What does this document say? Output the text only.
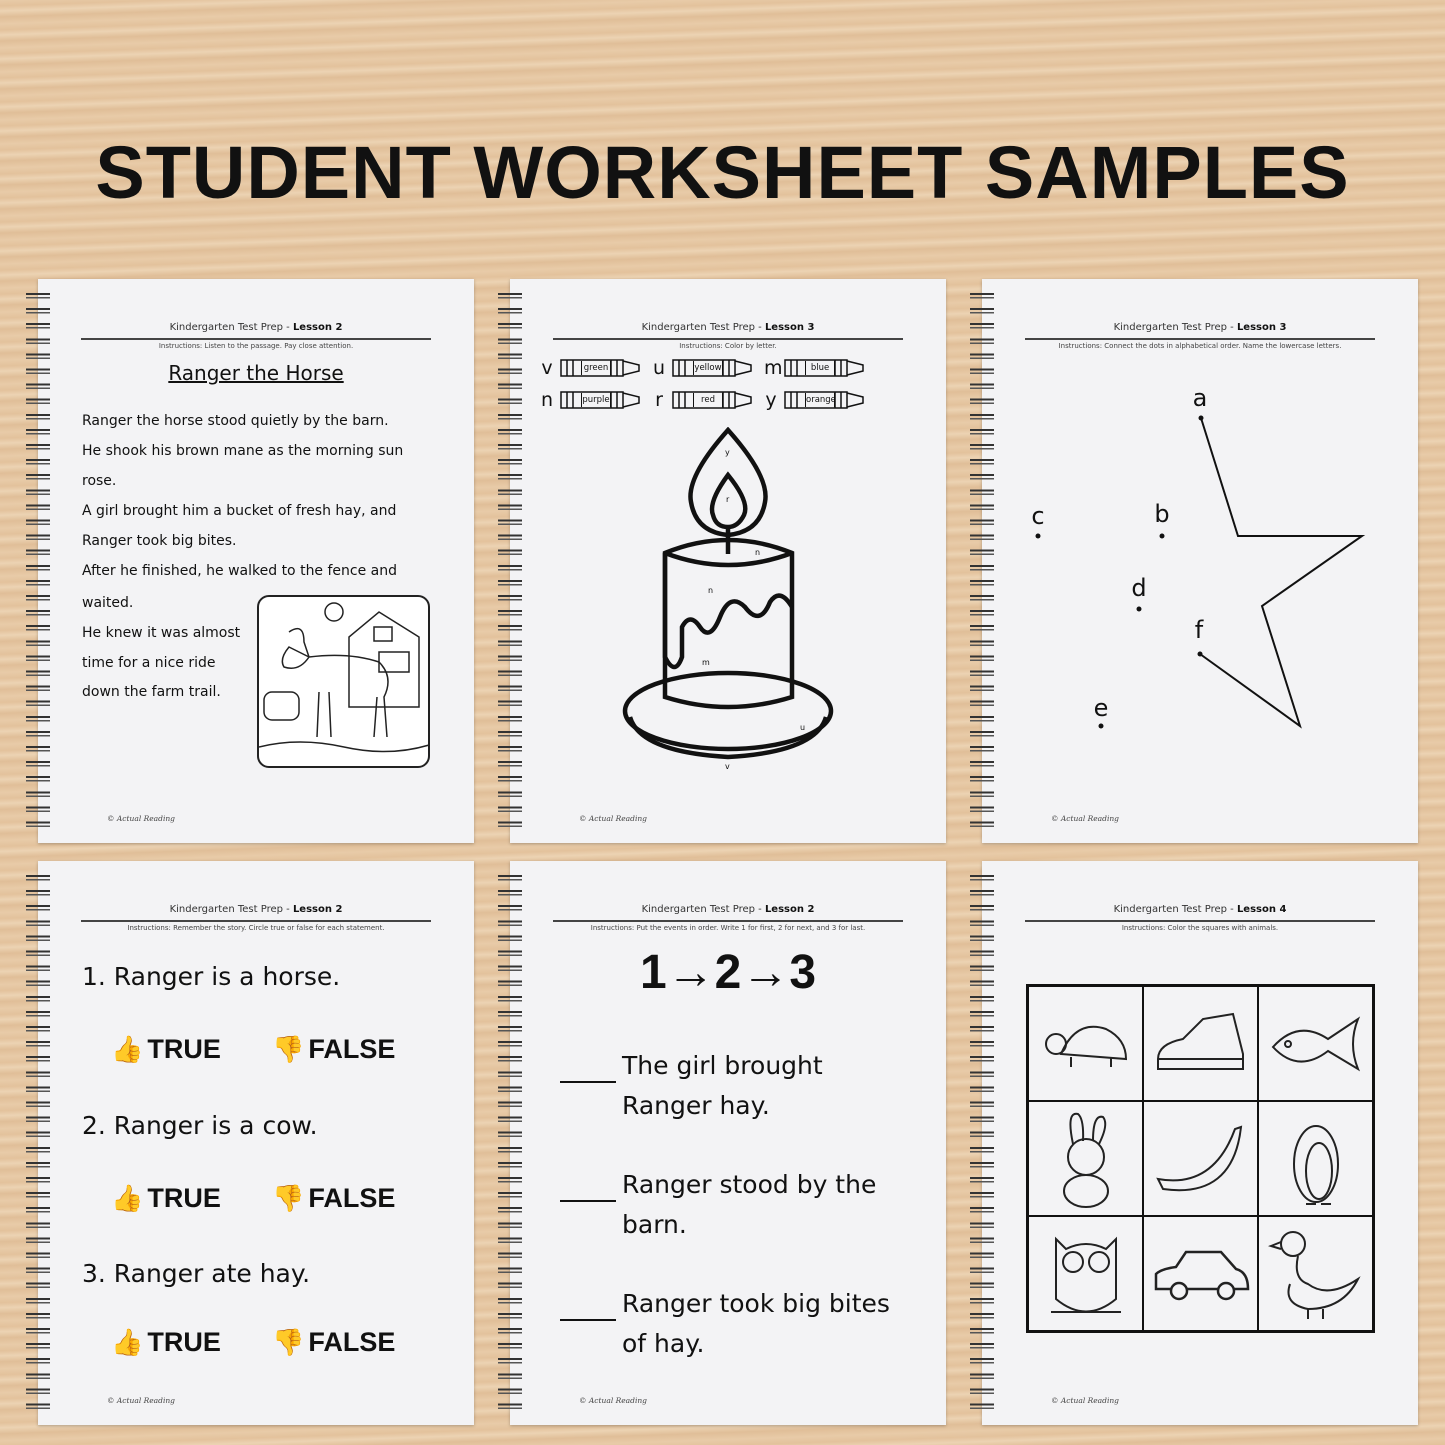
STUDENT WORKSHEET SAMPLES
Kindergarten Test Prep - Lesson 2
Instructions: Listen to the passage. Pay close attention.
Ranger the Horse

Ranger the horse stood quietly by the barn.

He shook his brown mane as the morning sun

rose.

A girl brought him a bucket of fresh hay, and

Ranger took big bites.

After he finished, he walked to the fence and

waited.

He knew it was almost

time for a nice ride

down the farm trail.

© Actual Reading
Kindergarten Test Prep - Lesson 3
Instructions: Color by letter.
v	green u	yellow m	blue
n	purple r	red	y	orange
y
r
n
n
m
u
v
© Actual Reading
Kindergarten Test Prep - Lesson 3
Instructions: Connect the dots in alphabetical order. Name the lowercase letters.
a
b
c
d
e
f
© Actual Reading
Kindergarten Test Prep - Lesson 2
Instructions: Remember the story. Circle true or false for each statement.
1. Ranger is a horse.
👍 TRUE 👎 FALSE
2. Ranger is a cow.
👍 TRUE 👎 FALSE
3. Ranger ate hay.
👍 TRUE 👎 FALSE
© Actual Reading
Kindergarten Test Prep - Lesson 2
Instructions: Put the events in order. Write 1 for first, 2 for next, and 3 for last.
1→2→3
The girl brought
Ranger hay.
Ranger stood by the
barn.
Ranger took big bites
of hay.
© Actual Reading
Kindergarten Test Prep - Lesson 4
Instructions: Color the squares with animals.
© Actual Reading
